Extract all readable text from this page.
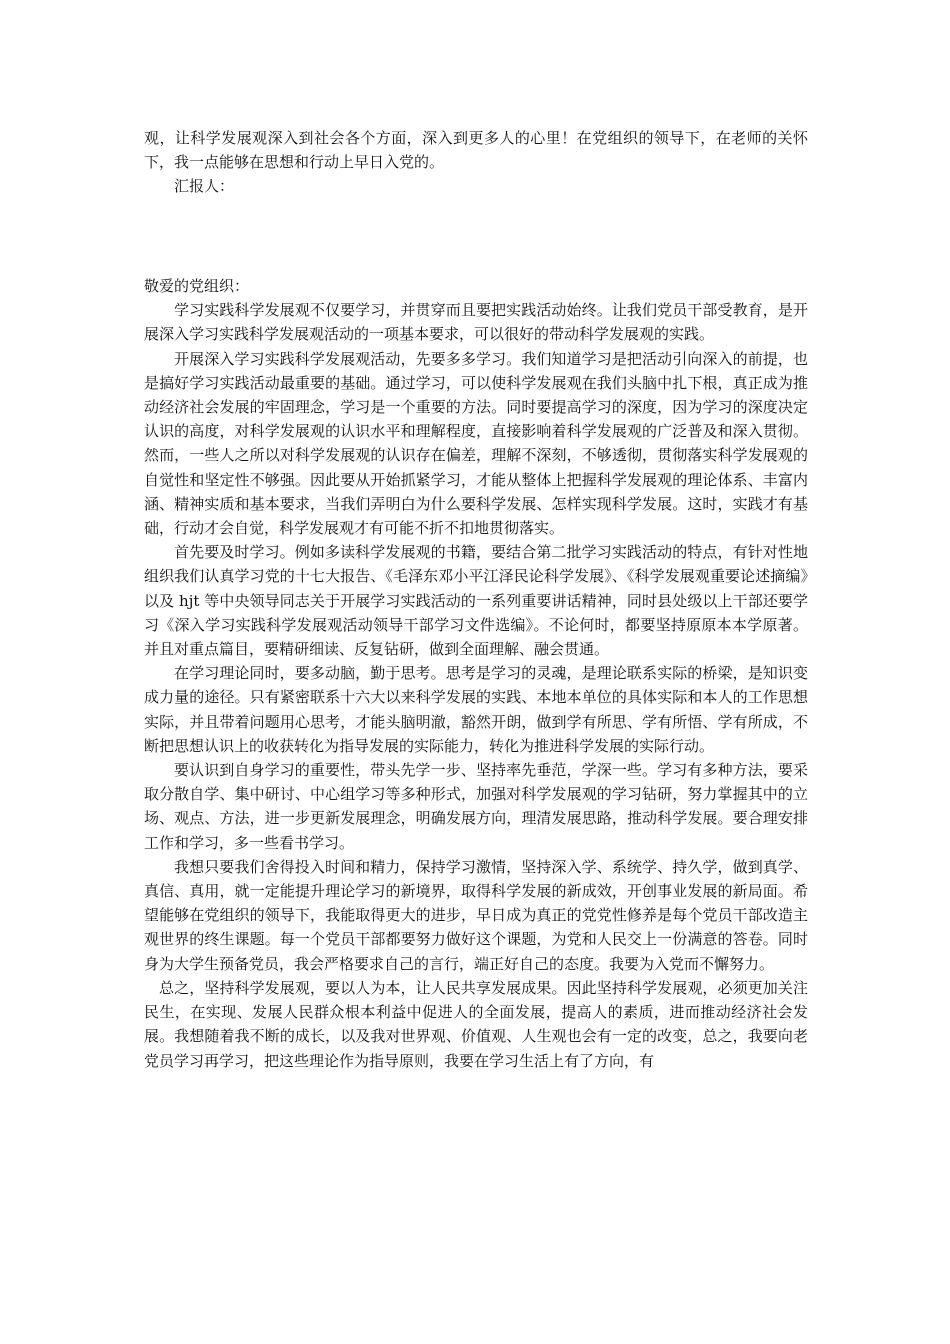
观，让科学发展观深入到社会各个方面，深入到更多人的心里！在党组织的领导下，在老师的关怀下，我一点能够在思想和行动上早日入党的。

汇报人：

敬爱的党组织：

学习实践科学发展观不仅要学习，并贯穿而且要把实践活动始终。让我们党员干部受教育，是开展深入学习实践科学发展观活动的一项基本要求，可以很好的带动科学发展观的实践。

开展深入学习实践科学发展观活动，先要多多学习。我们知道学习是把活动引向深入的前提，也是搞好学习实践活动最重要的基础。通过学习，可以使科学发展观在我们头脑中扎下根，真正成为推动经济社会发展的牢固理念，学习是一个重要的方法。同时要提高学习的深度，因为学习的深度决定认识的高度，对科学发展观的认识水平和理解程度，直接影响着科学发展观的广泛普及和深入贯彻。然而，一些人之所以对科学发展观的认识存在偏差，理解不深刻，不够透彻，贯彻落实科学发展观的自觉性和坚定性不够强。因此要从开始抓紧学习，才能从整体上把握科学发展观的理论体系、丰富内涵、精神实质和基本要求，当我们弄明白为什么要科学发展、怎样实现科学发展。这时，实践才有基础，行动才会自觉，科学发展观才有可能不折不扣地贯彻落实。

首先要及时学习。例如多读科学发展观的书籍，要结合第二批学习实践活动的特点，有针对性地组织我们认真学习党的十七大报告、《毛泽东邓小平江泽民论科学发展》、《科学发展观重要论述摘编》以及 hjt 等中央领导同志关于开展学习实践活动的一系列重要讲话精神，同时县处级以上干部还要学习《深入学习实践科学发展观活动领导干部学习文件选编》。不论何时，都要坚持原原本本学原著。并且对重点篇目，要精研细读、反复钻研，做到全面理解、融会贯通。

在学习理论同时，要多动脑，勤于思考。思考是学习的灵魂，是理论联系实际的桥梁，是知识变成力量的途径。只有紧密联系十六大以来科学发展的实践、本地本单位的具体实际和本人的工作思想实际，并且带着问题用心思考，才能头脑明澈，豁然开朗，做到学有所思、学有所悟、学有所成，不断把思想认识上的收获转化为指导发展的实际能力，转化为推进科学发展的实际行动。

要认识到自身学习的重要性，带头先学一步、坚持率先垂范，学深一些。学习有多种方法，要采取分散自学、集中研讨、中心组学习等多种形式，加强对科学发展观的学习钻研，努力掌握其中的立场、观点、方法，进一步更新发展理念，明确发展方向，理清发展思路，推动科学发展。要合理安排工作和学习，多一些看书学习。

我想只要我们舍得投入时间和精力，保持学习激情，坚持深入学、系统学、持久学，做到真学、真信、真用，就一定能提升理论学习的新境界，取得科学发展的新成效，开创事业发展的新局面。希望能够在党组织的领导下，我能取得更大的进步，早日成为真正的党党性修养是每个党员干部改造主观世界的终生课题。每一个党员干部都要努力做好这个课题，为党和人民交上一份满意的答卷。同时身为大学生预备党员，我会严格要求自己的言行，端正好自己的态度。我要为入党而不懈努力。

总之，坚持科学发展观，要以人为本，让人民共享发展成果。因此坚持科学发展观，必须更加关注民生，在实现、发展人民群众根本利益中促进人的全面发展，提高人的素质，进而推动经济社会发展。我想随着我不断的成长，以及我对世界观、价值观、人生观也会有一定的改变，总之，我要向老党员学习再学习，把这些理论作为指导原则，我要在学习生活上有了方向，有
